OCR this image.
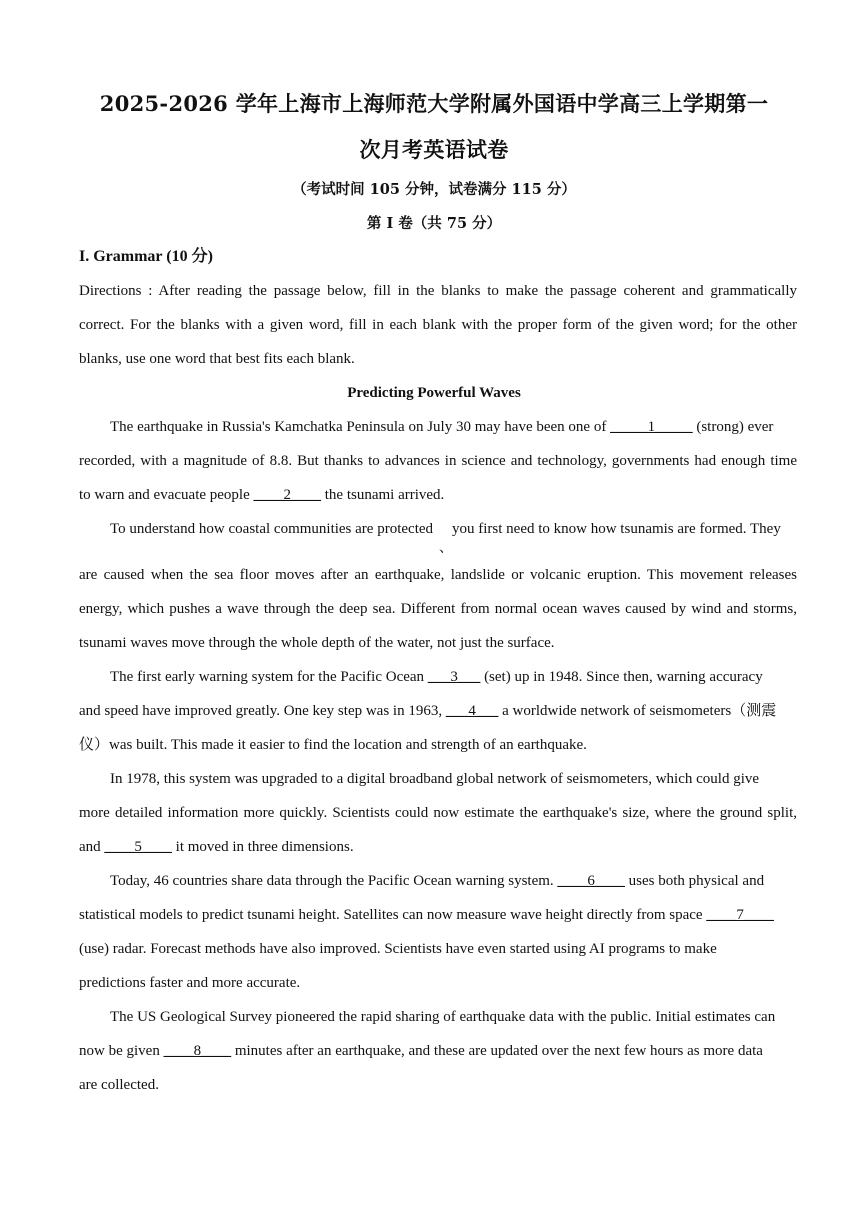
2025-2026 学年上海市上海师范大学附属外国语中学高三上学期第一
次月考英语试卷
（考试时间 105 分钟，试卷满分 115 分）
第 I 卷（共 75 分）
I. Grammar (10 分)
Directions : After reading the passage below, fill in the blanks to make the passage coherent and grammatically
correct. For the blanks with a given word, fill in each blank with the proper form of the given word; for the other
blanks, use one word that best fits each blank.
Predicting Powerful Waves
The earthquake in Russia's Kamchatka Peninsula on July 30 may have been one of _____1_____ (strong) ever
recorded, with a magnitude of 8.8. But thanks to advances in science and technology, governments had enough time
to warn and evacuate people ____2____ the tsunami arrived.
To understand how coastal communities are protected	you first need to know how tsunamis are formed. They
、
are caused when the sea floor moves after an earthquake, landslide or volcanic eruption. This movement releases
energy, which pushes a wave through the deep sea. Different from normal ocean waves caused by wind and storms,
tsunami waves move through the whole depth of the water, not just the surface.
The first early warning system for the Pacific Ocean ___3___ (set) up in 1948. Since then, warning accuracy
and speed have improved greatly. One key step was in 1963, ___4___ a worldwide network of seismometers（测震
仪）was built. This made it easier to find the location and strength of an earthquake.
In 1978, this system was upgraded to a digital broadband global network of seismometers, which could give
more detailed information more quickly. Scientists could now estimate the earthquake's size, where the ground split,
and ____5____ it moved in three dimensions.
Today, 46 countries share data through the Pacific Ocean warning system. ____6____ uses both physical and
statistical models to predict tsunami height. Satellites can now measure wave height directly from space ____7____
(use) radar. Forecast methods have also improved. Scientists have even started using AI programs to make
predictions faster and more accurate.
The US Geological Survey pioneered the rapid sharing of earthquake data with the public. Initial estimates can
now be given ____8____ minutes after an earthquake, and these are updated over the next few hours as more data
are collected.
